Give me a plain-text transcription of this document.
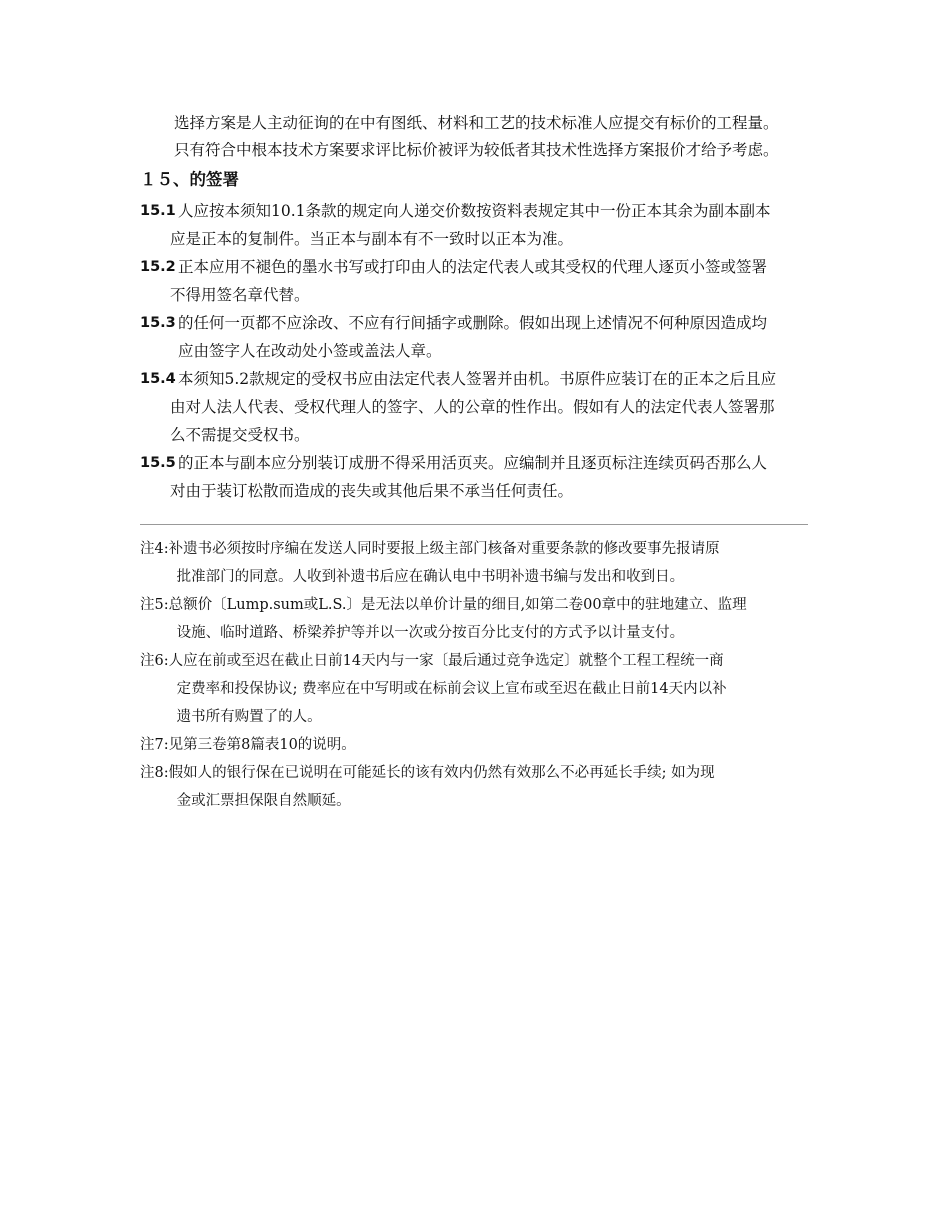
选择方案是人主动征询的在中有图纸、材料和工艺的技术标准人应提交有标价的工程量。

只有符合中根本技术方案要求评比标价被评为较低者其技术性选择方案报价才给予考虑。

１５、的签署
15.1 人应按本须知10.1条款的规定向人递交价数按资料表规定其中一份正本其余为副本副本
应是正本的复制件。当正本与副本有不一致时以正本为准。
15.2 正本应用不褪色的墨水书写或打印由人的法定代表人或其受权的代理人逐页小签或签署
不得用签名章代替。
15.3 的任何一页都不应涂改、不应有行间插字或删除。假如出现上述情况不何种原因造成均
应由签字人在改动处小签或盖法人章。
15.4 本须知5.2款规定的受权书应由法定代表人签署并由机。书原件应装订在的正本之后且应
由对人法人代表、受权代理人的签字、人的公章的性作出。假如有人的法定代表人签署那
么不需提交受权书。
15.5 的正本与副本应分别装订成册不得采用活页夹。应编制并且逐页标注连续页码否那么人
对由于装订松散而造成的丧失或其他后果不承当任何责任。
注4: 补遗书必须按时序编在发送人同时要报上级主部门核备对重要条款的修改要事先报请原
批准部门的同意。人收到补遗书后应在确认电中书明补遗书编与发出和收到日。
注5: 总额价〔Lump.sum或L.S.〕是无法以单价计量的细目,如第二卷00章中的驻地建立、监理
设施、临时道路、桥梁养护等并以一次或分按百分比支付的方式予以计量支付。
注6: 人应在前或至迟在截止日前14天内与一家〔最后通过竞争选定〕就整个工程工程统一商
定费率和投保协议; 费率应在中写明或在标前会议上宣布或至迟在截止日前14天内以补
遗书所有购置了的人。
注7: 见第三卷第8篇表10的说明。
注8: 假如人的银行保在已说明在可能延长的该有效内仍然有效那么不必再延长手续; 如为现
金或汇票担保限自然顺延。
